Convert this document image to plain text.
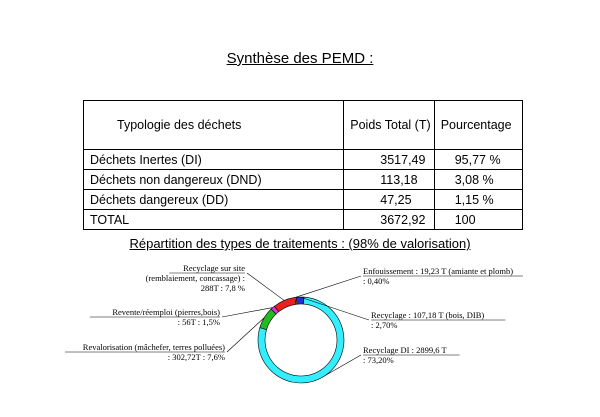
Synthèse des PEMD :
Typologie des déchets	Poids Total (T)	Pourcentage
Déchets Inertes (DI)	3517,49	95,77 %
Déchets non dangereux (DND)	113,18	3,08 %
Déchets dangereux (DD)	47,25	1,15 %
TOTAL	3672,92	100
Répartition des types de traitements : (98% de valorisation)
Enfouissement : 19,23 T (amiante et plomb) : 0,40%
Recyclage : 107,18 T (bois, DIB) : 2,70%
Recyclage DI : 2899,6 T : 73,20%
Revalorisation (mâchefer, terres polluées) : 302,72T : 7,6%
Revente/réemploi (pierres,bois) : 56T : 1,5%
Recyclage sur site (remblaiement, concassage) : 288T : 7,8 %
